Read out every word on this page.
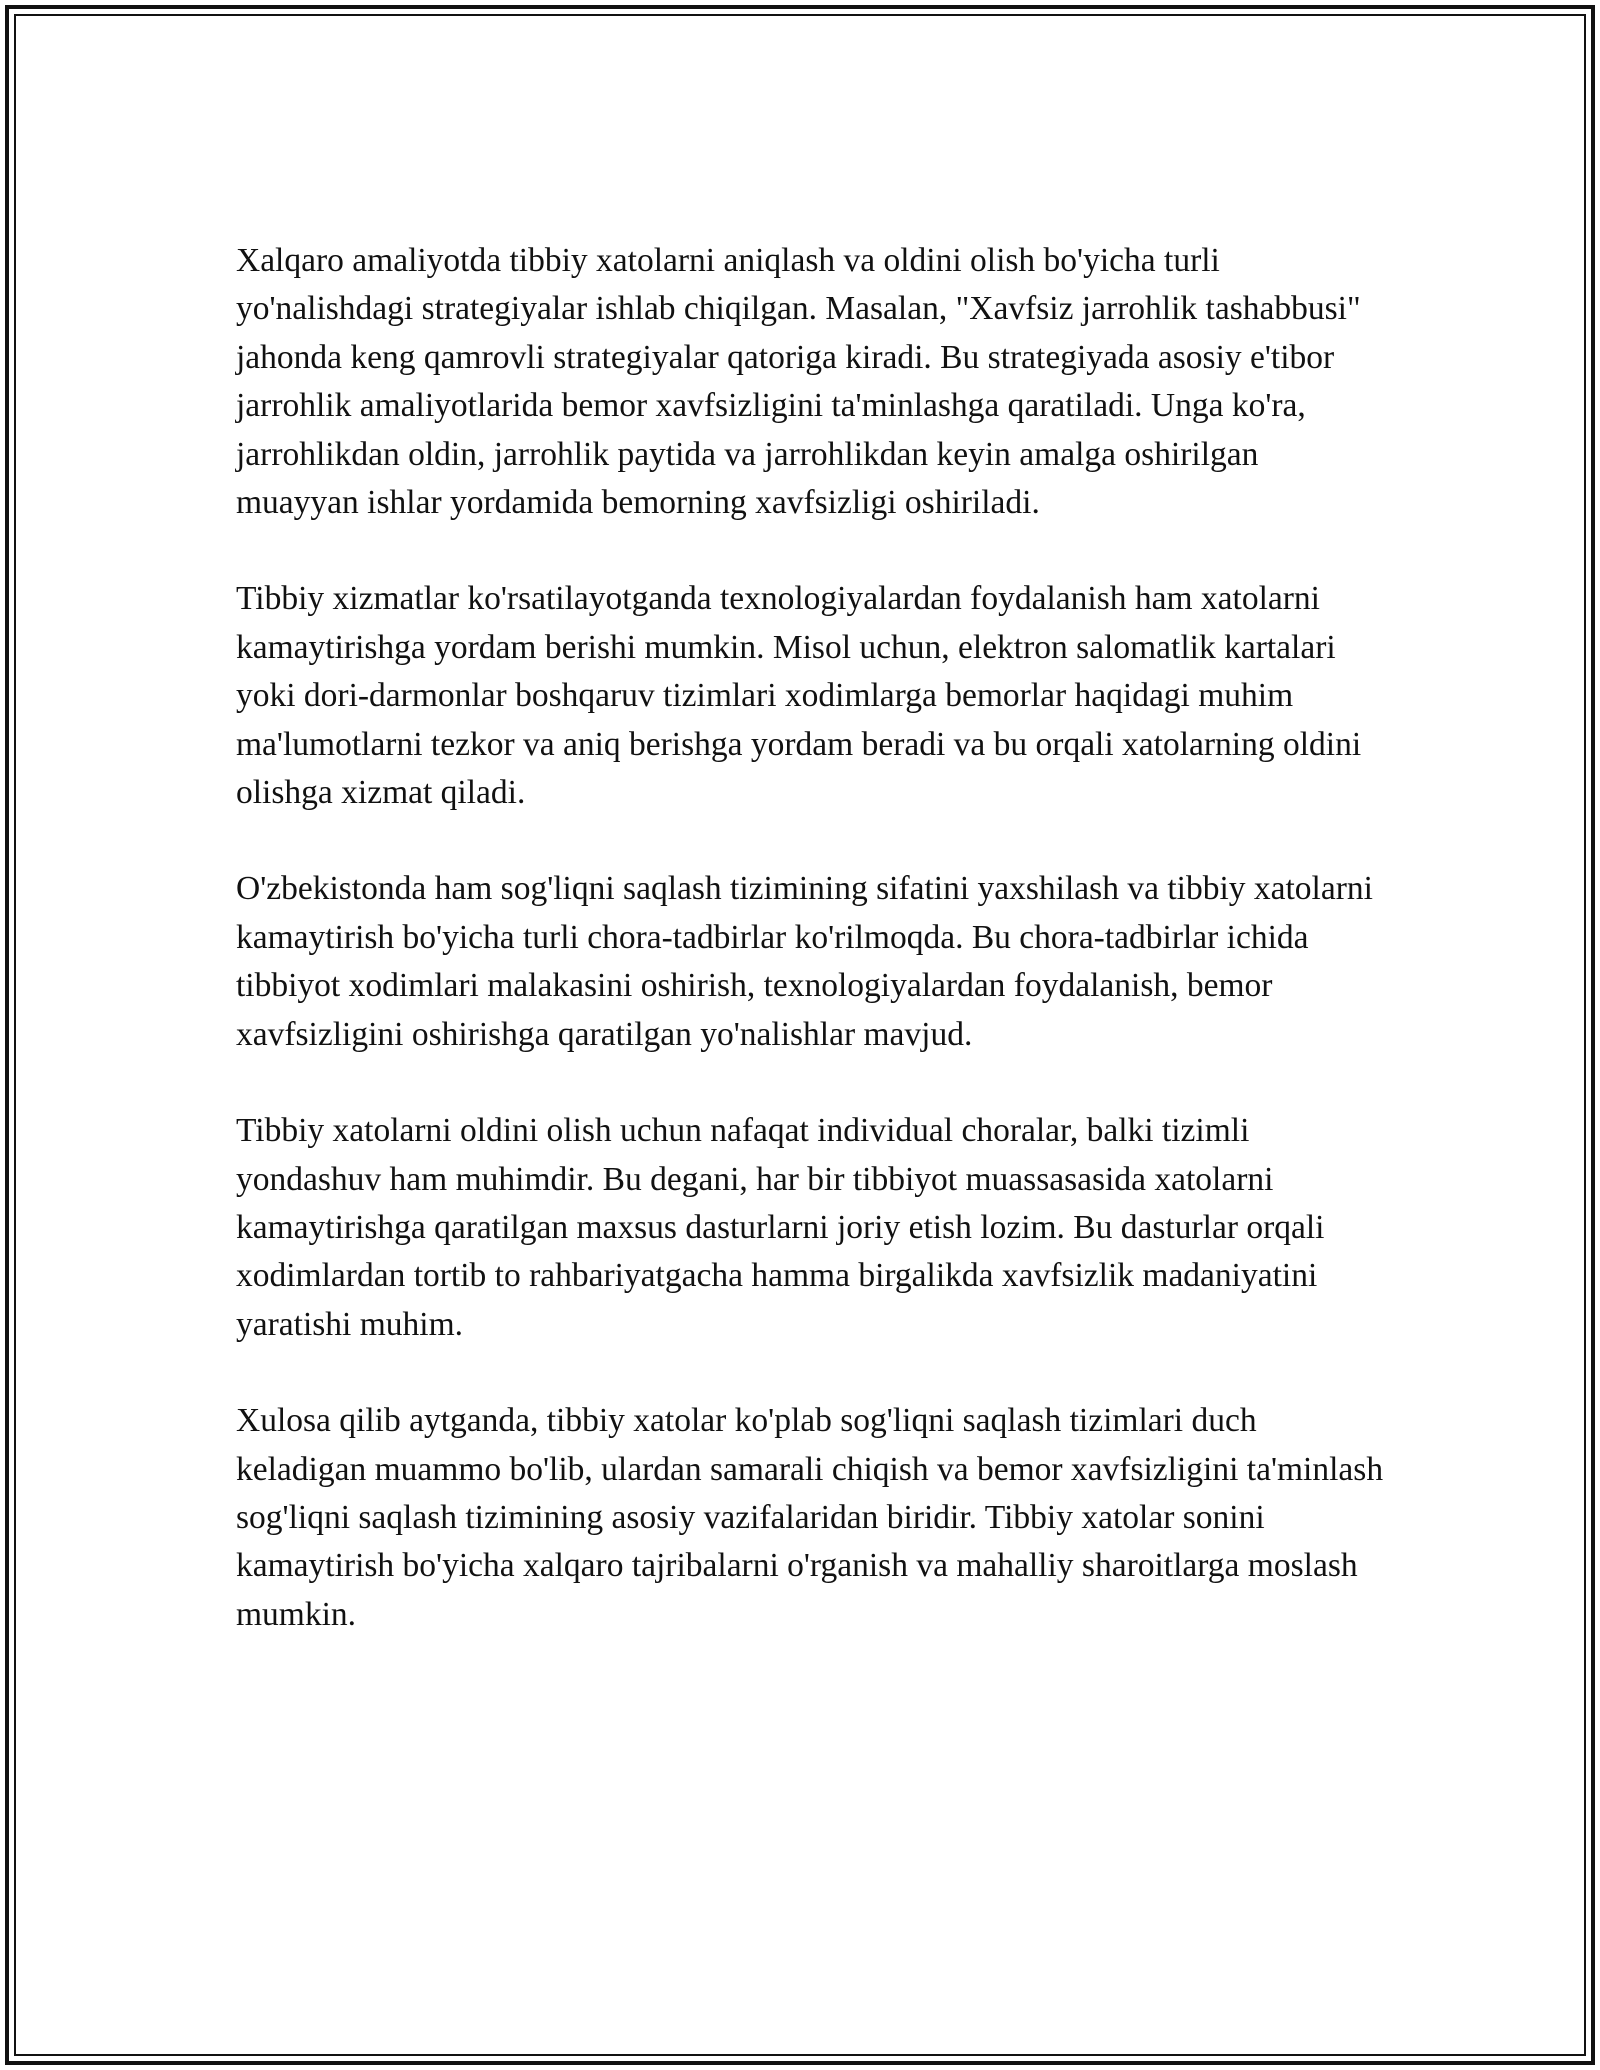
Xalqaro amaliyotda tibbiy xatolarni aniqlash va oldini olish bo'yicha turli yo'nalishdagi strategiyalar ishlab chiqilgan. Masalan, "Xavfsiz jarrohlik tashabbusi" jahonda keng qamrovli strategiyalar qatoriga kiradi. Bu strategiyada asosiy e'tibor jarrohlik amaliyotlarida bemor xavfsizligini ta'minlashga qaratiladi. Unga ko'ra, jarrohlikdan oldin, jarrohlik paytida va jarrohlikdan keyin amalga oshirilgan muayyan ishlar yordamida bemorning xavfsizligi oshiriladi.

Tibbiy xizmatlar ko'rsatilayotganda texnologiyalardan foydalanish ham xatolarni kamaytirishga yordam berishi mumkin. Misol uchun, elektron salomatlik kartalari yoki dori-darmonlar boshqaruv tizimlari xodimlarga bemorlar haqidagi muhim ma'lumotlarni tezkor va aniq berishga yordam beradi va bu orqali xatolarning oldini olishga xizmat qiladi.

O'zbekistonda ham sog'liqni saqlash tizimining sifatini yaxshilash va tibbiy xatolarni kamaytirish bo'yicha turli chora-tadbirlar ko'rilmoqda. Bu chora-tadbirlar ichida tibbiyot xodimlari malakasini oshirish, texnologiyalardan foydalanish, bemor xavfsizligini oshirishga qaratilgan yo'nalishlar mavjud.

Tibbiy xatolarni oldini olish uchun nafaqat individual choralar, balki tizimli yondashuv ham muhimdir. Bu degani, har bir tibbiyot muassasasida xatolarni kamaytirishga qaratilgan maxsus dasturlarni joriy etish lozim. Bu dasturlar orqali xodimlardan tortib to rahbariyatgacha hamma birgalikda xavfsizlik madaniyatini yaratishi muhim.

Xulosa qilib aytganda, tibbiy xatolar ko'plab sog'liqni saqlash tizimlari duch keladigan muammo bo'lib, ulardan samarali chiqish va bemor xavfsizligini ta'minlash sog'liqni saqlash tizimining asosiy vazifalaridan biridir. Tibbiy xatolar sonini kamaytirish bo'yicha xalqaro tajribalarni o'rganish va mahalliy sharoitlarga moslash mumkin.
